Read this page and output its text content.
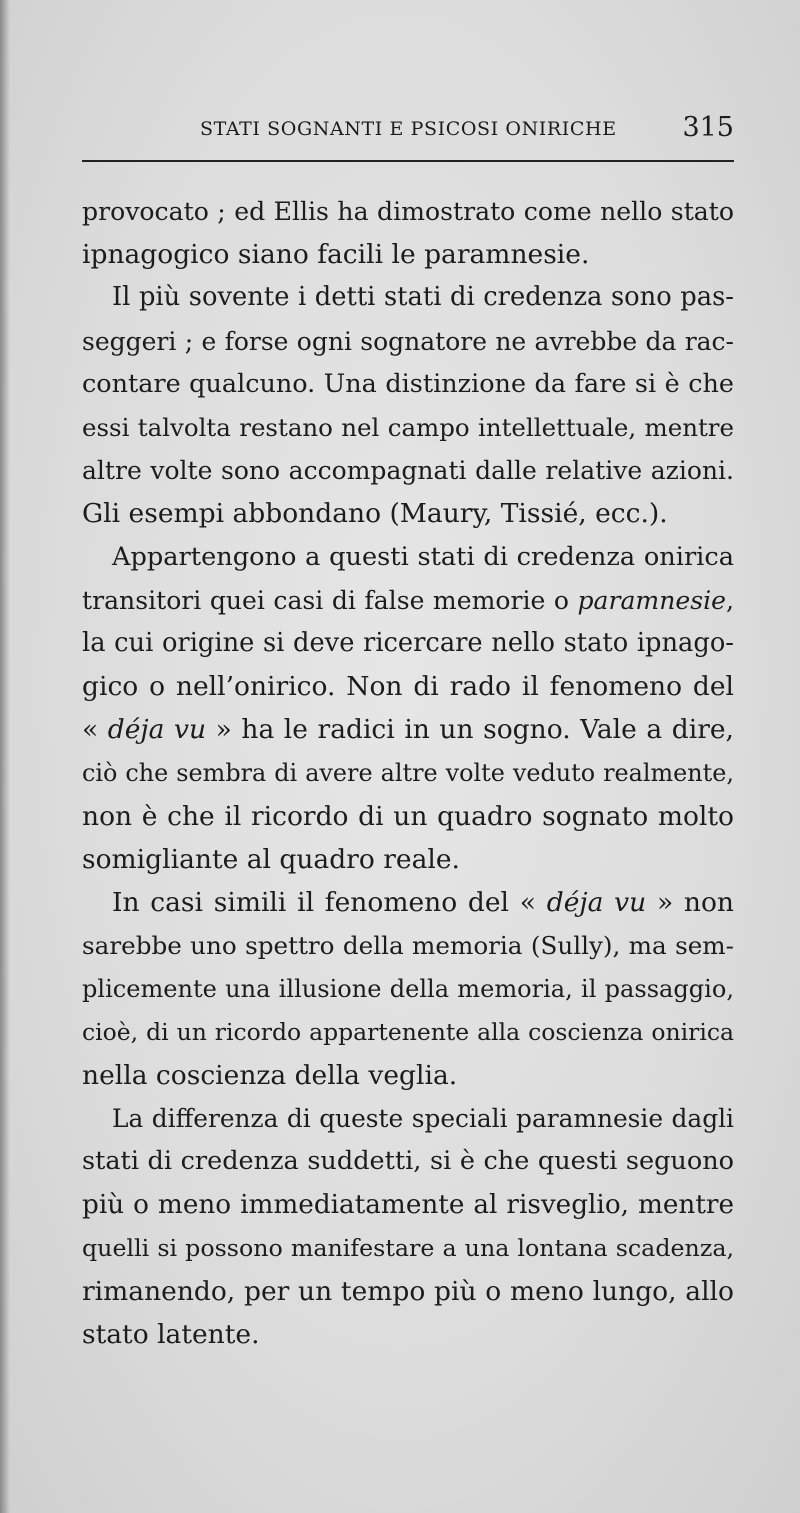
STATI SOGNANTI E PSICOSI ONIRICHE 315
provocato ; ed Ellis ha dimostrato come nello stato
ipnagogico siano facili le paramnesie.
Il più sovente i detti stati di credenza sono pas-
seggeri ; e forse ogni sognatore ne avrebbe da rac-
contare qualcuno. Una distinzione da fare si è che
essi talvolta restano nel campo intellettuale, mentre
altre volte sono accompagnati dalle relative azioni.
Gli esempi abbondano (Maury, Tissié, ecc.).
Appartengono a questi stati di credenza onirica
transitori quei casi di false memorie o paramnesie,
la cui origine si deve ricercare nello stato ipnago-
gico o nell’onirico. Non di rado il fenomeno del
« déja vu » ha le radici in un sogno. Vale a dire,
ciò che sembra di avere altre volte veduto realmente,
non è che il ricordo di un quadro sognato molto
somigliante al quadro reale.
In casi simili il fenomeno del « déja vu » non
sarebbe uno spettro della memoria (Sully), ma sem-
plicemente una illusione della memoria, il passaggio,
cioè, di un ricordo appartenente alla coscienza onirica
nella coscienza della veglia.
La differenza di queste speciali paramnesie dagli
stati di credenza suddetti, si è che questi seguono
più o meno immediatamente al risveglio, mentre
quelli si possono manifestare a una lontana scadenza,
rimanendo, per un tempo più o meno lungo, allo
stato latente.
